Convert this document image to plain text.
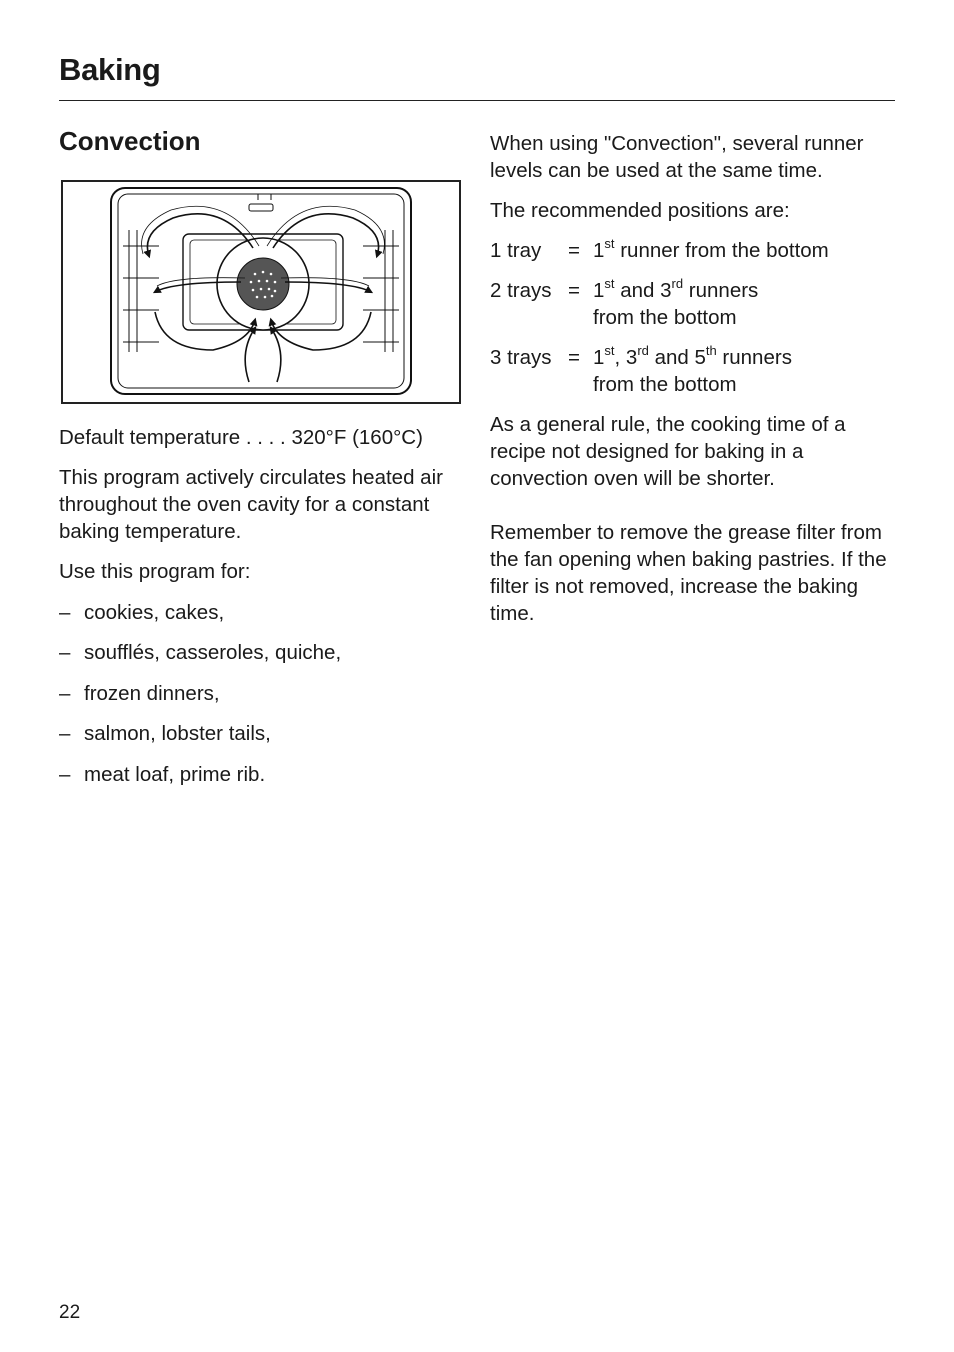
Baking
Convection

Default temperature . . . . 320°F (160°C)

This program actively circulates heated air throughout the oven cavity for a constant baking temperature.

Use this program for:

– cookies, cakes,
– soufflés, casseroles, quiche,
– frozen dinners,
– salmon, lobster tails,
– meat loaf, prime rib.

When using "Convection", several runner levels can be used at the same time.

The recommended positions are:

1 tray	= 1st runner from the bottom
2 trays = 1st and 3rd runners
from the bottom
3 trays = 1st, 3rd and 5th runners
from the bottom

As a general rule, the cooking time of a recipe not designed for baking in a convection oven will be shorter.

Remember to remove the grease filter from the fan opening when baking pastries. If the filter is not removed, increase the baking time.

22
